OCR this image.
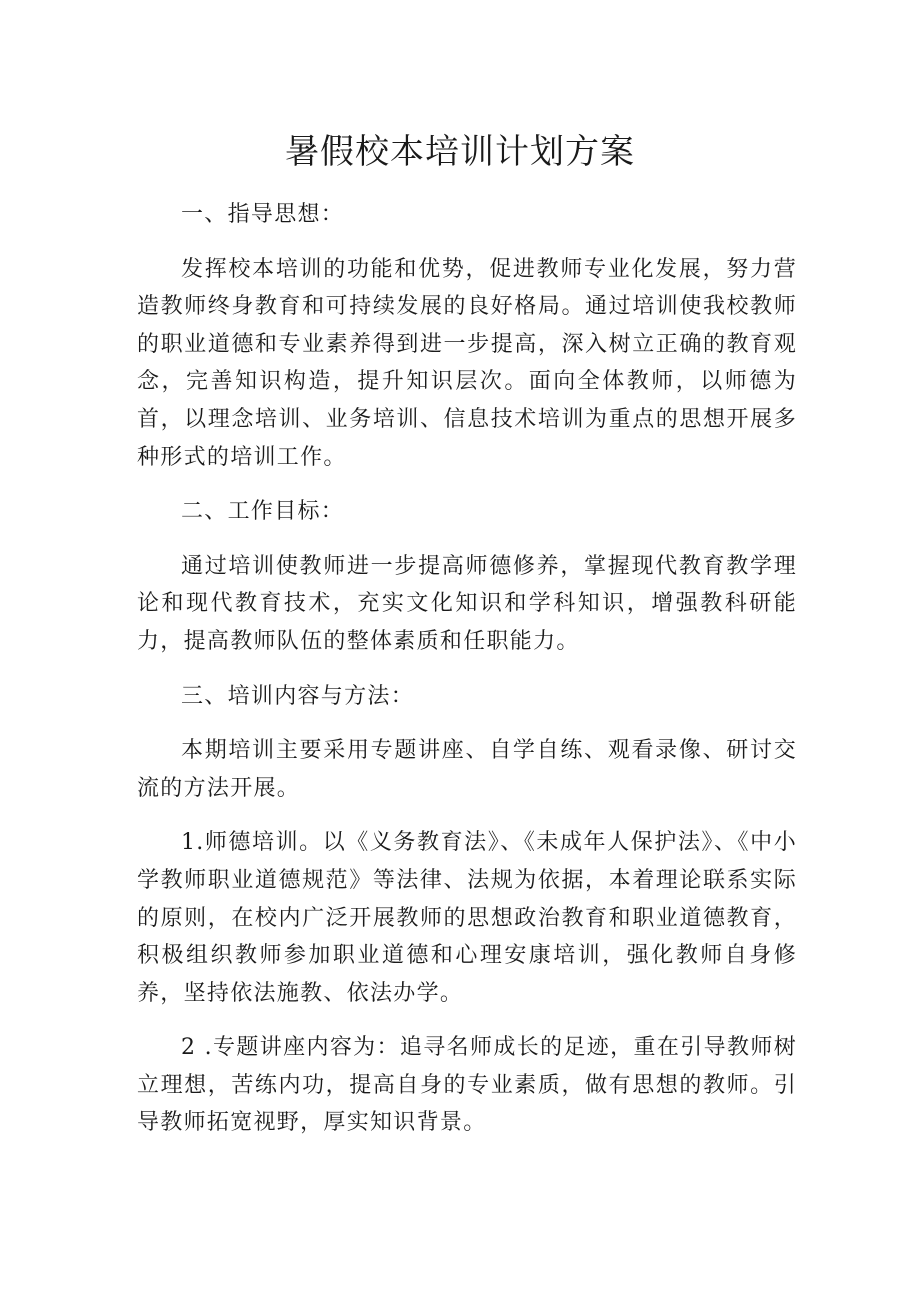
暑假校本培训计划方案

一、指导思想：

发挥校本培训的功能和优势，促进教师专业化发展，努力营造教师终身教育和可持续发展的良好格局。通过培训使我校教师的职业道德和专业素养得到进一步提高，深入树立正确的教育观念，完善知识构造，提升知识层次。面向全体教师，以师德为首，以理念培训、业务培训、信息技术培训为重点的思想开展多种形式的培训工作。

二、工作目标：

通过培训使教师进一步提高师德修养，掌握现代教育教学理论和现代教育技术，充实文化知识和学科知识，增强教科研能力，提高教师队伍的整体素质和任职能力。

三、培训内容与方法：

本期培训主要采用专题讲座、自学自练、观看录像、研讨交流的方法开展。

1.师德培训。以《义务教育法》、《未成年人保护法》、《中小学教师职业道德规范》等法律、法规为依据，本着理论联系实际的原则，在校内广泛开展教师的思想政治教育和职业道德教育，积极组织教师参加职业道德和心理安康培训，强化教师自身修养，坚持依法施教、依法办学。

2 .专题讲座内容为：追寻名师成长的足迹，重在引导教师树立理想，苦练内功，提高自身的专业素质，做有思想的教师。引导教师拓宽视野，厚实知识背景。
